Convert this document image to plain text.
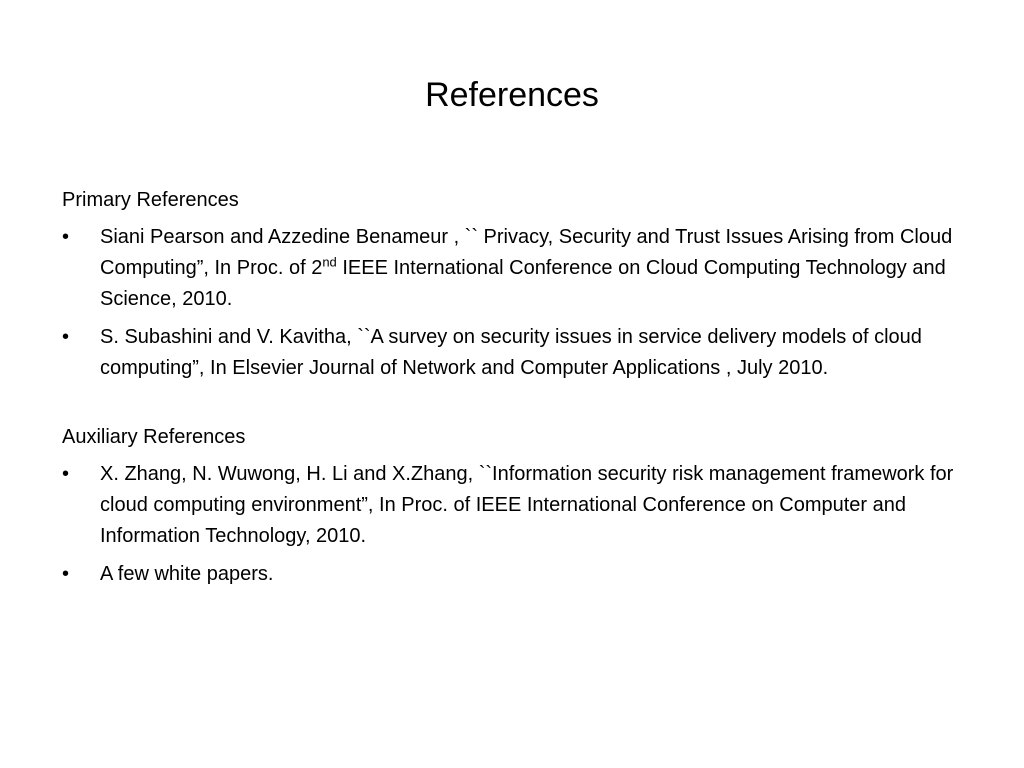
References
Primary References
•	Siani Pearson and Azzedine Benameur , `` Privacy, Security and Trust Issues Arising from Cloud Computing”, In Proc. of 2nd IEEE International Conference on Cloud Computing Technology and Science, 2010.
•	S. Subashini and V. Kavitha, ``A survey on security issues in service delivery models of cloud computing”, In Elsevier Journal of Network and Computer Applications , July 2010.
Auxiliary References
•	X. Zhang, N. Wuwong, H. Li and X.Zhang, ``Information security risk management framework for cloud computing environment”, In Proc. of IEEE International Conference on Computer and Information Technology, 2010.
•	A few white papers.
